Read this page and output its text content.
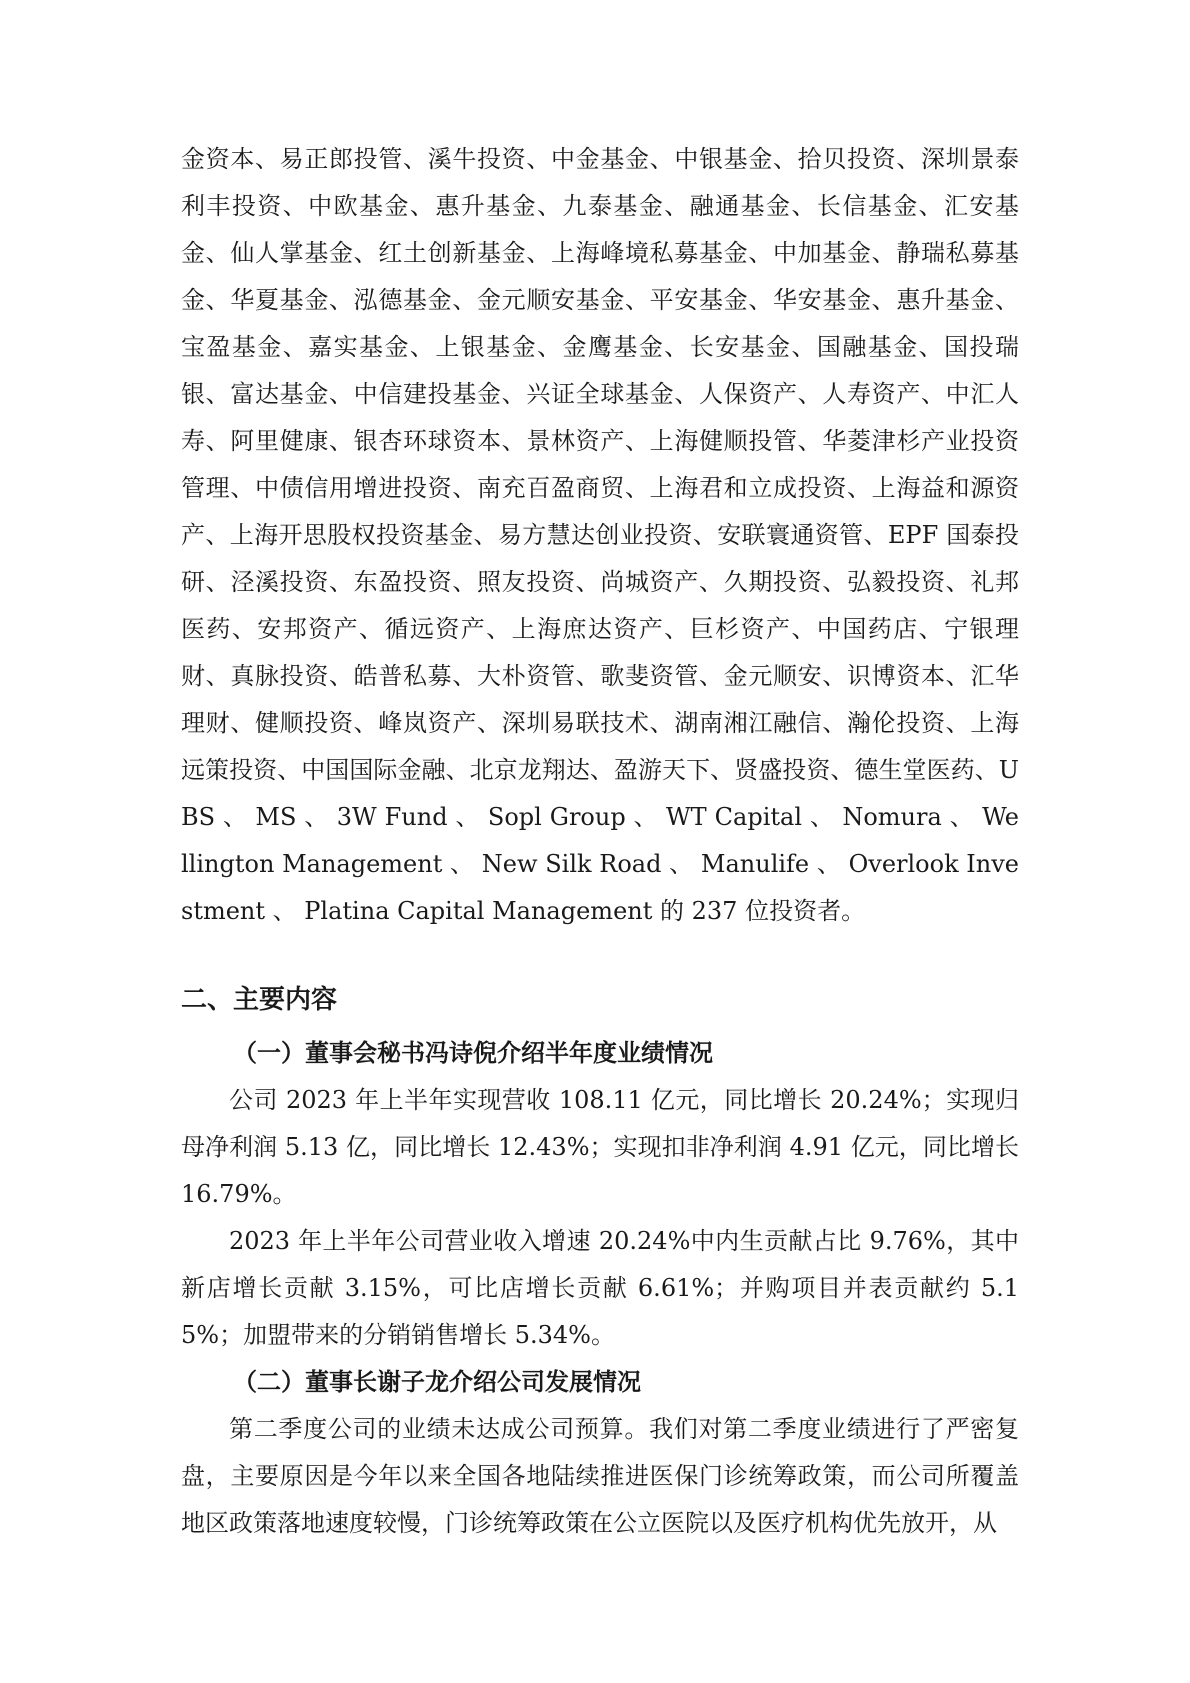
金资本、易正郎投管、溪牛投资、中金基金、中银基金、拾贝投资、深圳景泰利丰投资、中欧基金、惠升基金、九泰基金、融通基金、长信基金、汇安基金、仙人掌基金、红土创新基金、上海峰境私募基金、中加基金、静瑞私募基金、华夏基金、泓德基金、金元顺安基金、平安基金、华安基金、惠升基金、宝盈基金、嘉实基金、上银基金、金鹰基金、长安基金、国融基金、国投瑞银、富达基金、中信建投基金、兴证全球基金、人保资产、人寿资产、中汇人寿、阿里健康、银杏环球资本、景林资产、上海健顺投管、华菱津杉产业投资管理、中债信用增进投资、南充百盈商贸、上海君和立成投资、上海益和源资产、上海开思股权投资基金、易方慧达创业投资、安联寰通资管、EPF 国泰投研、泾溪投资、东盈投资、照友投资、尚城资产、久期投资、弘毅投资、礼邦医药、安邦资产、循远资产、上海庶达资产、巨杉资产、中国药店、宁银理财、真脉投资、皓普私募、大朴资管、歌斐资管、金元顺安、识博资本、汇华理财、健顺投资、峰岚资产、深圳易联技术、湖南湘江融信、瀚伦投资、上海远策投资、中国国际金融、北京龙翔达、盈游天下、贤盛投资、德生堂医药、UBS 、 MS 、 3W Fund 、 Sopl Group 、 WT Capital 、 Nomura 、 Wellington Management 、 New Silk Road 、 Manulife 、 Overlook Investment 、 Platina Capital Management 的 237 位投资者。

二、主要内容
（一）董事会秘书冯诗倪介绍半年度业绩情况

公司 2023 年上半年实现营收 108.11 亿元，同比增长 20.24%；实现归母净利润 5.13 亿，同比增长 12.43%；实现扣非净利润 4.91 亿元，同比增长 16.79%。

2023 年上半年公司营业收入增速 20.24%中内生贡献占比 9.76%，其中新店增长贡献 3.15%，可比店增长贡献 6.61%；并购项目并表贡献约 5.15%；加盟带来的分销销售增长 5.34%。

（二）董事长谢子龙介绍公司发展情况

第二季度公司的业绩未达成公司预算。我们对第二季度业绩进行了严密复盘，主要原因是今年以来全国各地陆续推进医保门诊统筹政策，而公司所覆盖地区政策落地速度较慢，门诊统筹政策在公立医院以及医疗机构优先放开，从
